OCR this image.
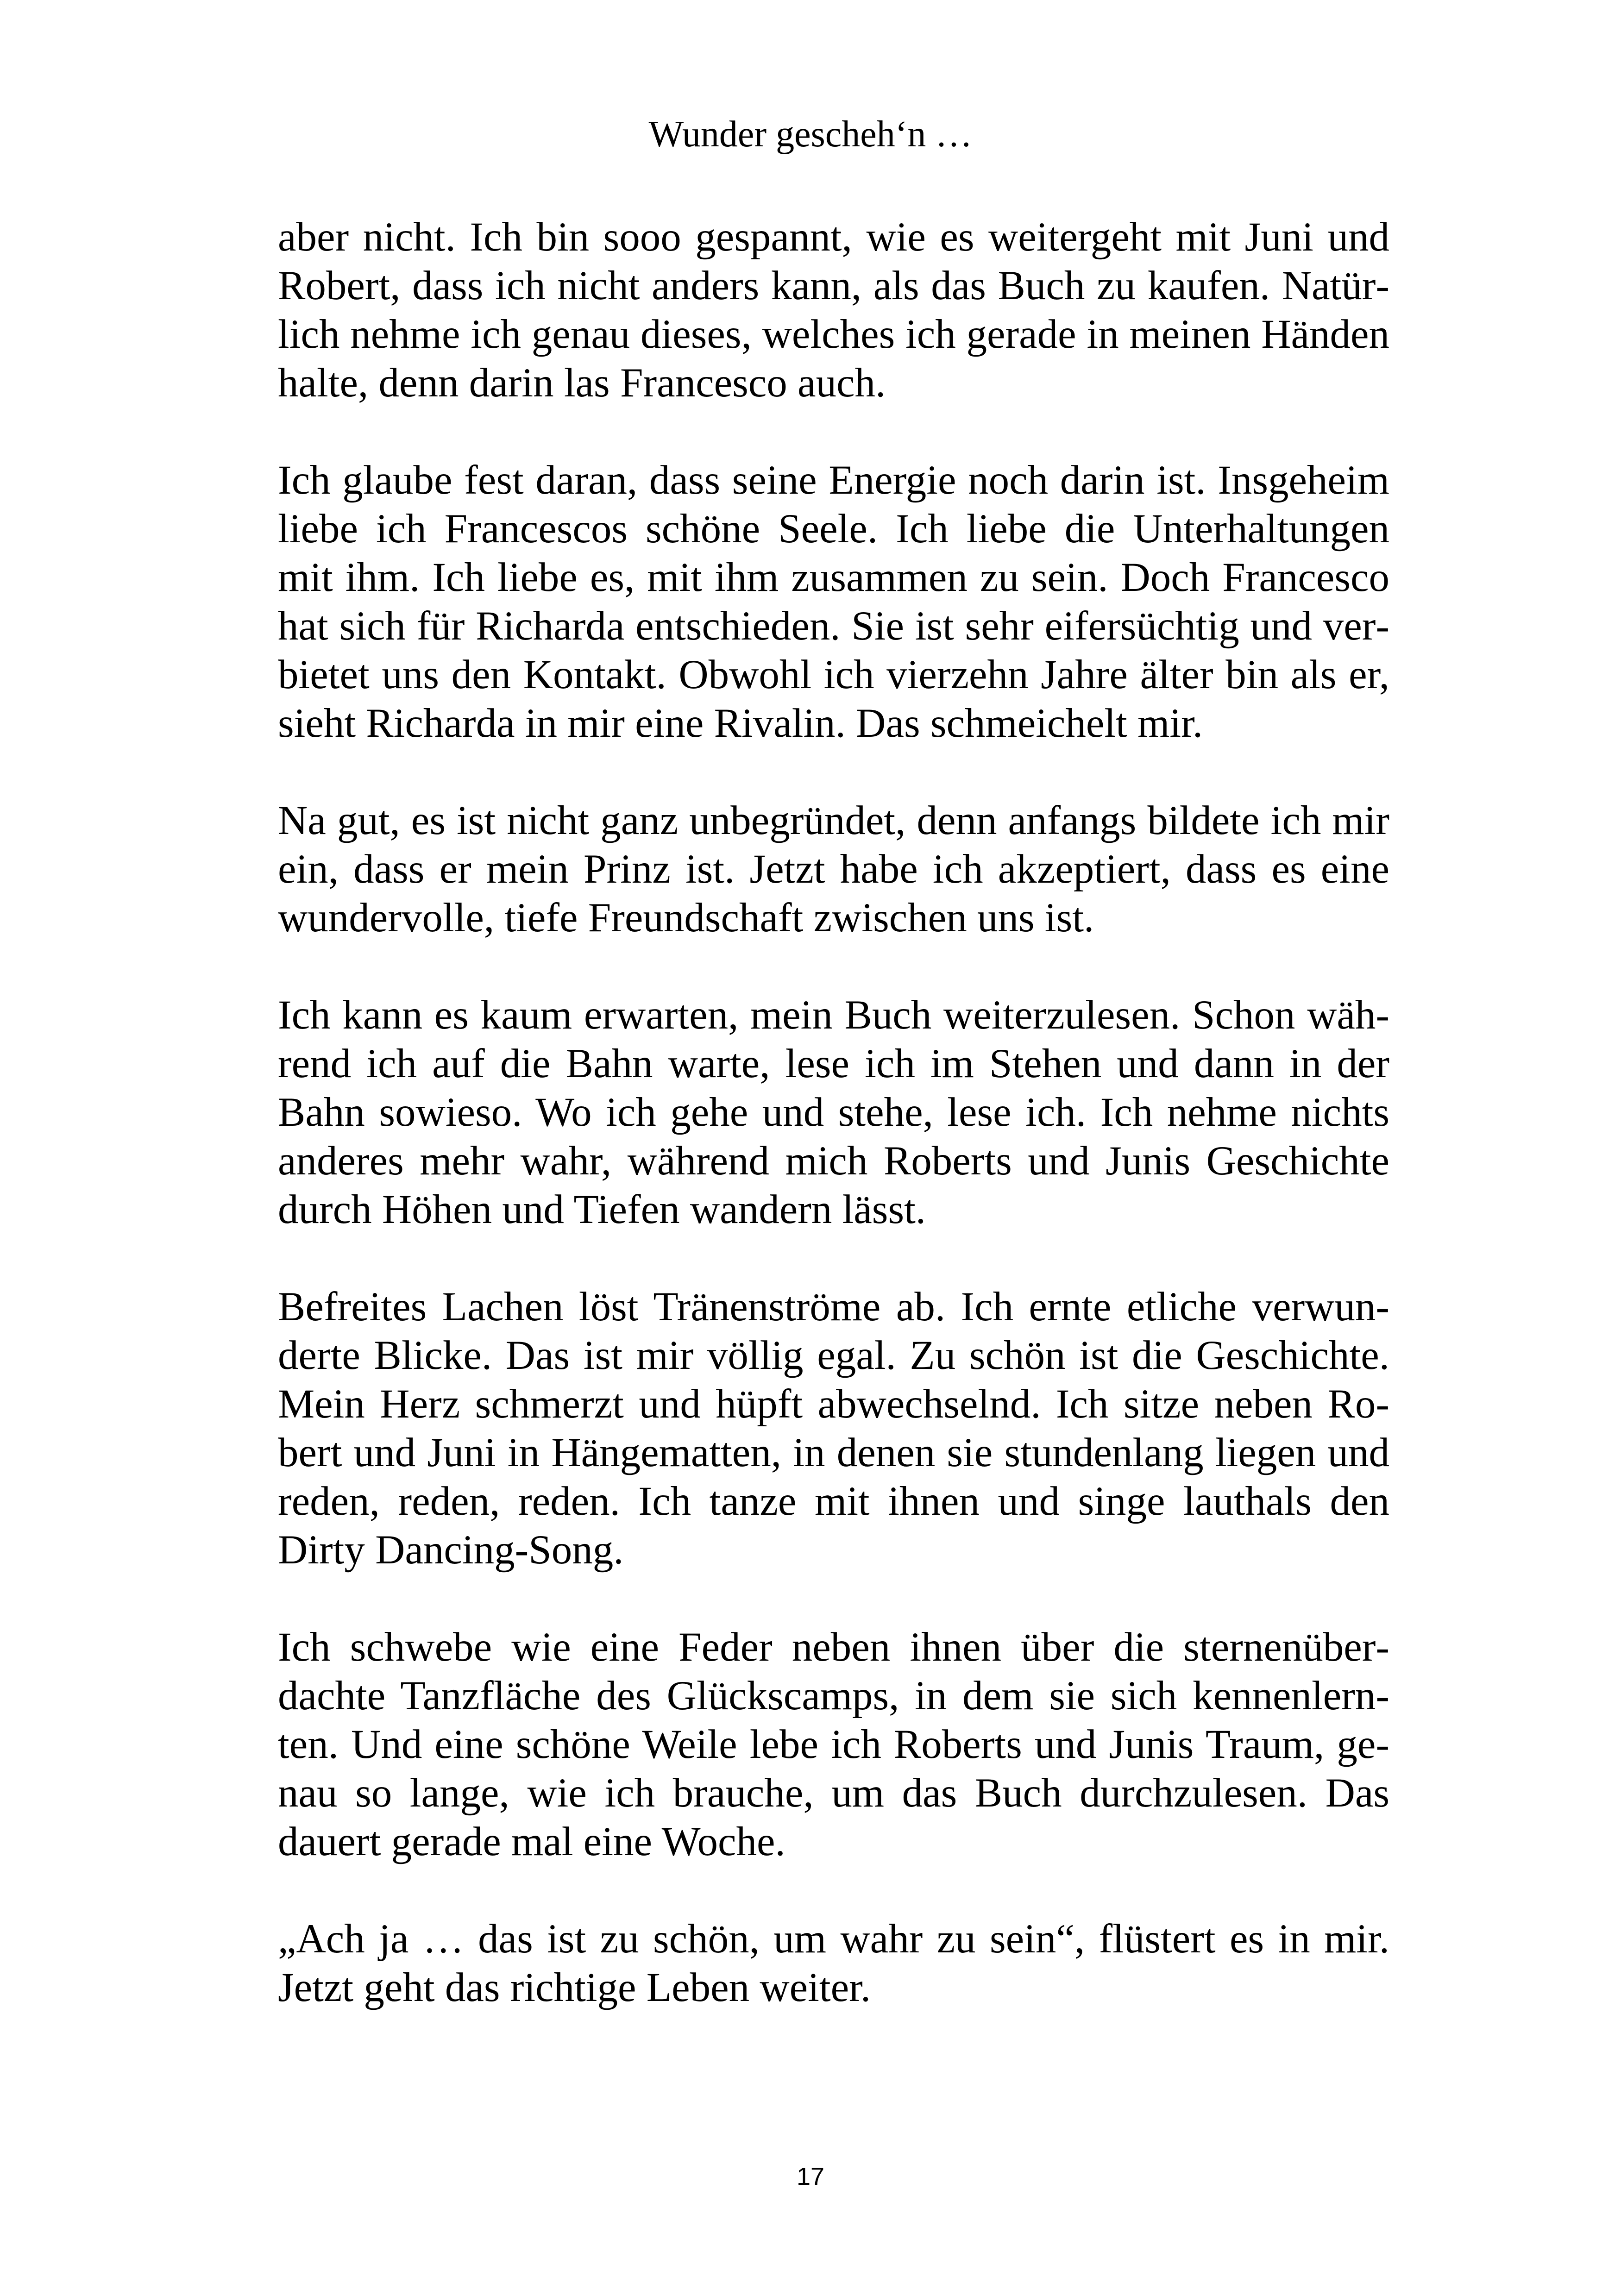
Wunder gescheh‘n …

aber nicht. Ich bin sooo gespannt, wie es weitergeht mit Juni und Robert, dass ich nicht anders kann, als das Buch zu kaufen. Natürlich nehme ich genau dieses, welches ich gerade in meinen Händen halte, denn darin las Francesco auch.

Ich glaube fest daran, dass seine Energie noch darin ist. Insgeheim liebe ich Francescos schöne Seele. Ich liebe die Unterhaltungen mit ihm. Ich liebe es, mit ihm zusammen zu sein. Doch Francesco hat sich für Richarda entschieden. Sie ist sehr eifersüchtig und verbietet uns den Kontakt. Obwohl ich vierzehn Jahre älter bin als er, sieht Richarda in mir eine Rivalin. Das schmeichelt mir.

Na gut, es ist nicht ganz unbegründet, denn anfangs bildete ich mir ein, dass er mein Prinz ist. Jetzt habe ich akzeptiert, dass es eine wundervolle, tiefe Freundschaft zwischen uns ist.

Ich kann es kaum erwarten, mein Buch weiterzulesen. Schon während ich auf die Bahn warte, lese ich im Stehen und dann in der Bahn sowieso. Wo ich gehe und stehe, lese ich. Ich nehme nichts anderes mehr wahr, während mich Roberts und Junis Geschichte durch Höhen und Tiefen wandern lässt.

Befreites Lachen löst Tränenströme ab. Ich ernte etliche verwunderte Blicke. Das ist mir völlig egal. Zu schön ist die Geschichte. Mein Herz schmerzt und hüpft abwechselnd. Ich sitze neben Robert und Juni in Hängematten, in denen sie stundenlang liegen und reden, reden, reden. Ich tanze mit ihnen und singe lauthals den Dirty Dancing-Song.

Ich schwebe wie eine Feder neben ihnen über die sternenüberdachte Tanzfläche des Glückscamps, in dem sie sich kennenlernten. Und eine schöne Weile lebe ich Roberts und Junis Traum, genau so lange, wie ich brauche, um das Buch durchzulesen. Das dauert gerade mal eine Woche.

„Ach ja … das ist zu schön, um wahr zu sein“, flüstert es in mir. Jetzt geht das richtige Leben weiter.

17
